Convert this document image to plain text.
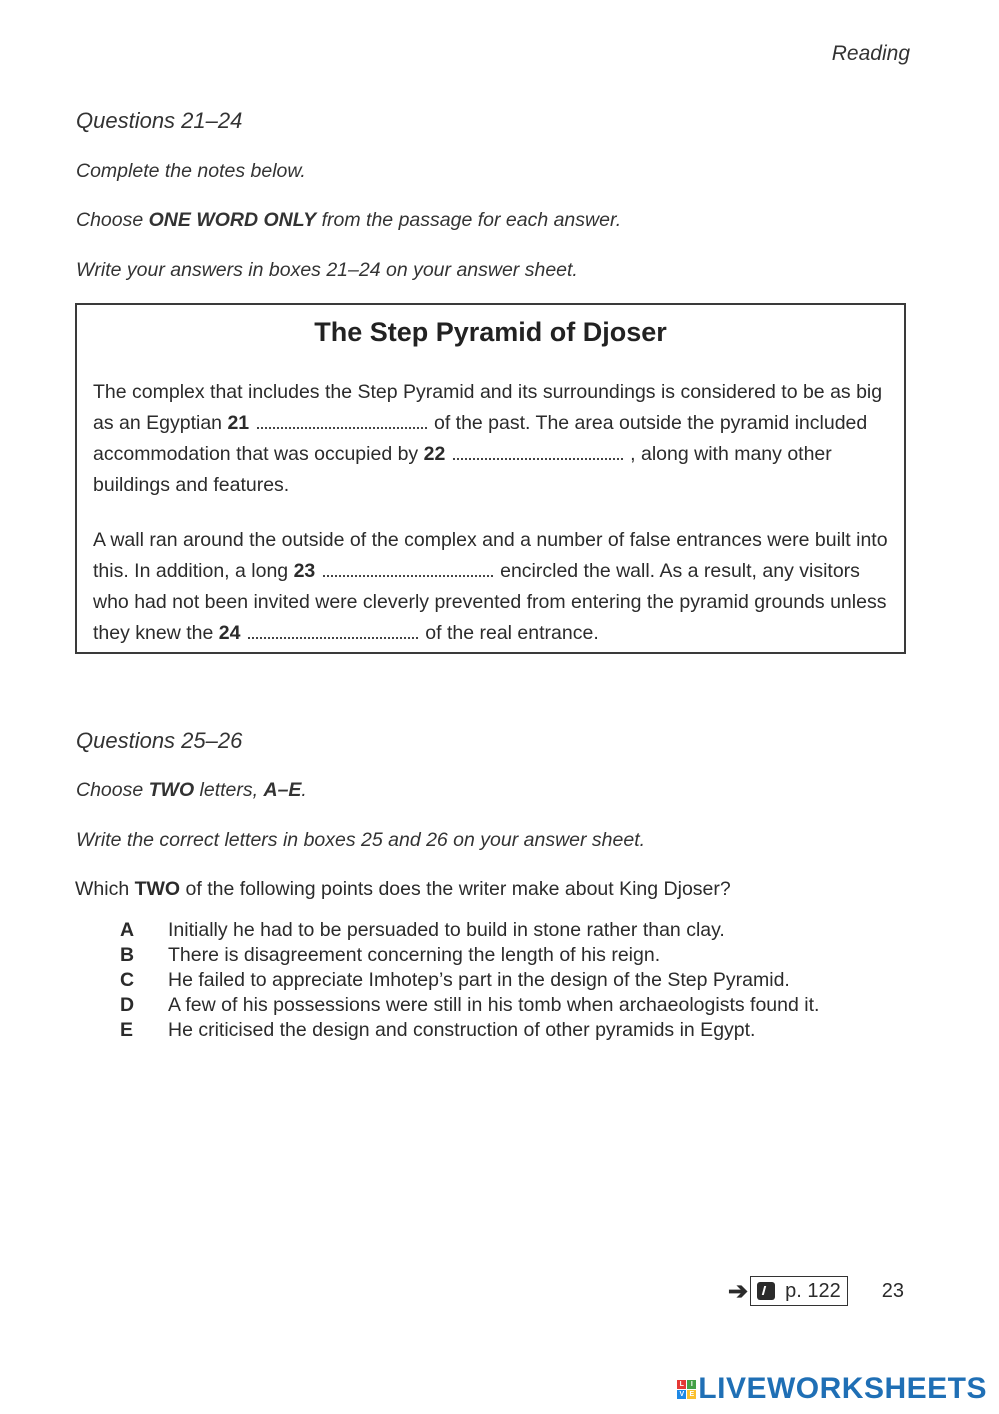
Reading
Questions 21–24
Complete the notes below.
Choose ONE WORD ONLY from the passage for each answer.
Write your answers in boxes 21–24 on your answer sheet.
The Step Pyramid of Djoser
The complex that includes the Step Pyramid and its surroundings is considered to be as big as an Egyptian 21	of the past. The area outside the pyramid included accommodation that was occupied by 22	, along with many other buildings and features.
A wall ran around the outside of the complex and a number of false entrances were built into this. In addition, a long 23	encircled the wall. As a result, any visitors who had not been invited were cleverly prevented from entering the pyramid grounds unless they knew the 24	of the real entrance.
Questions 25–26
Choose TWO letters, A–E.
Write the correct letters in boxes 25 and 26 on your answer sheet.
Which TWO of the following points does the writer make about King Djoser?
A	Initially he had to be persuaded to build in stone rather than clay.
B	There is disagreement concerning the length of his reign.
C	He failed to appreciate Imhotep’s part in the design of the Step Pyramid.
D	A few of his possessions were still in his tomb when archaeologists found it.
E	He criticised the design and construction of other pyramids in Egypt.
➔ p. 122 23
L I
V E LIVEWORKSHEETS
